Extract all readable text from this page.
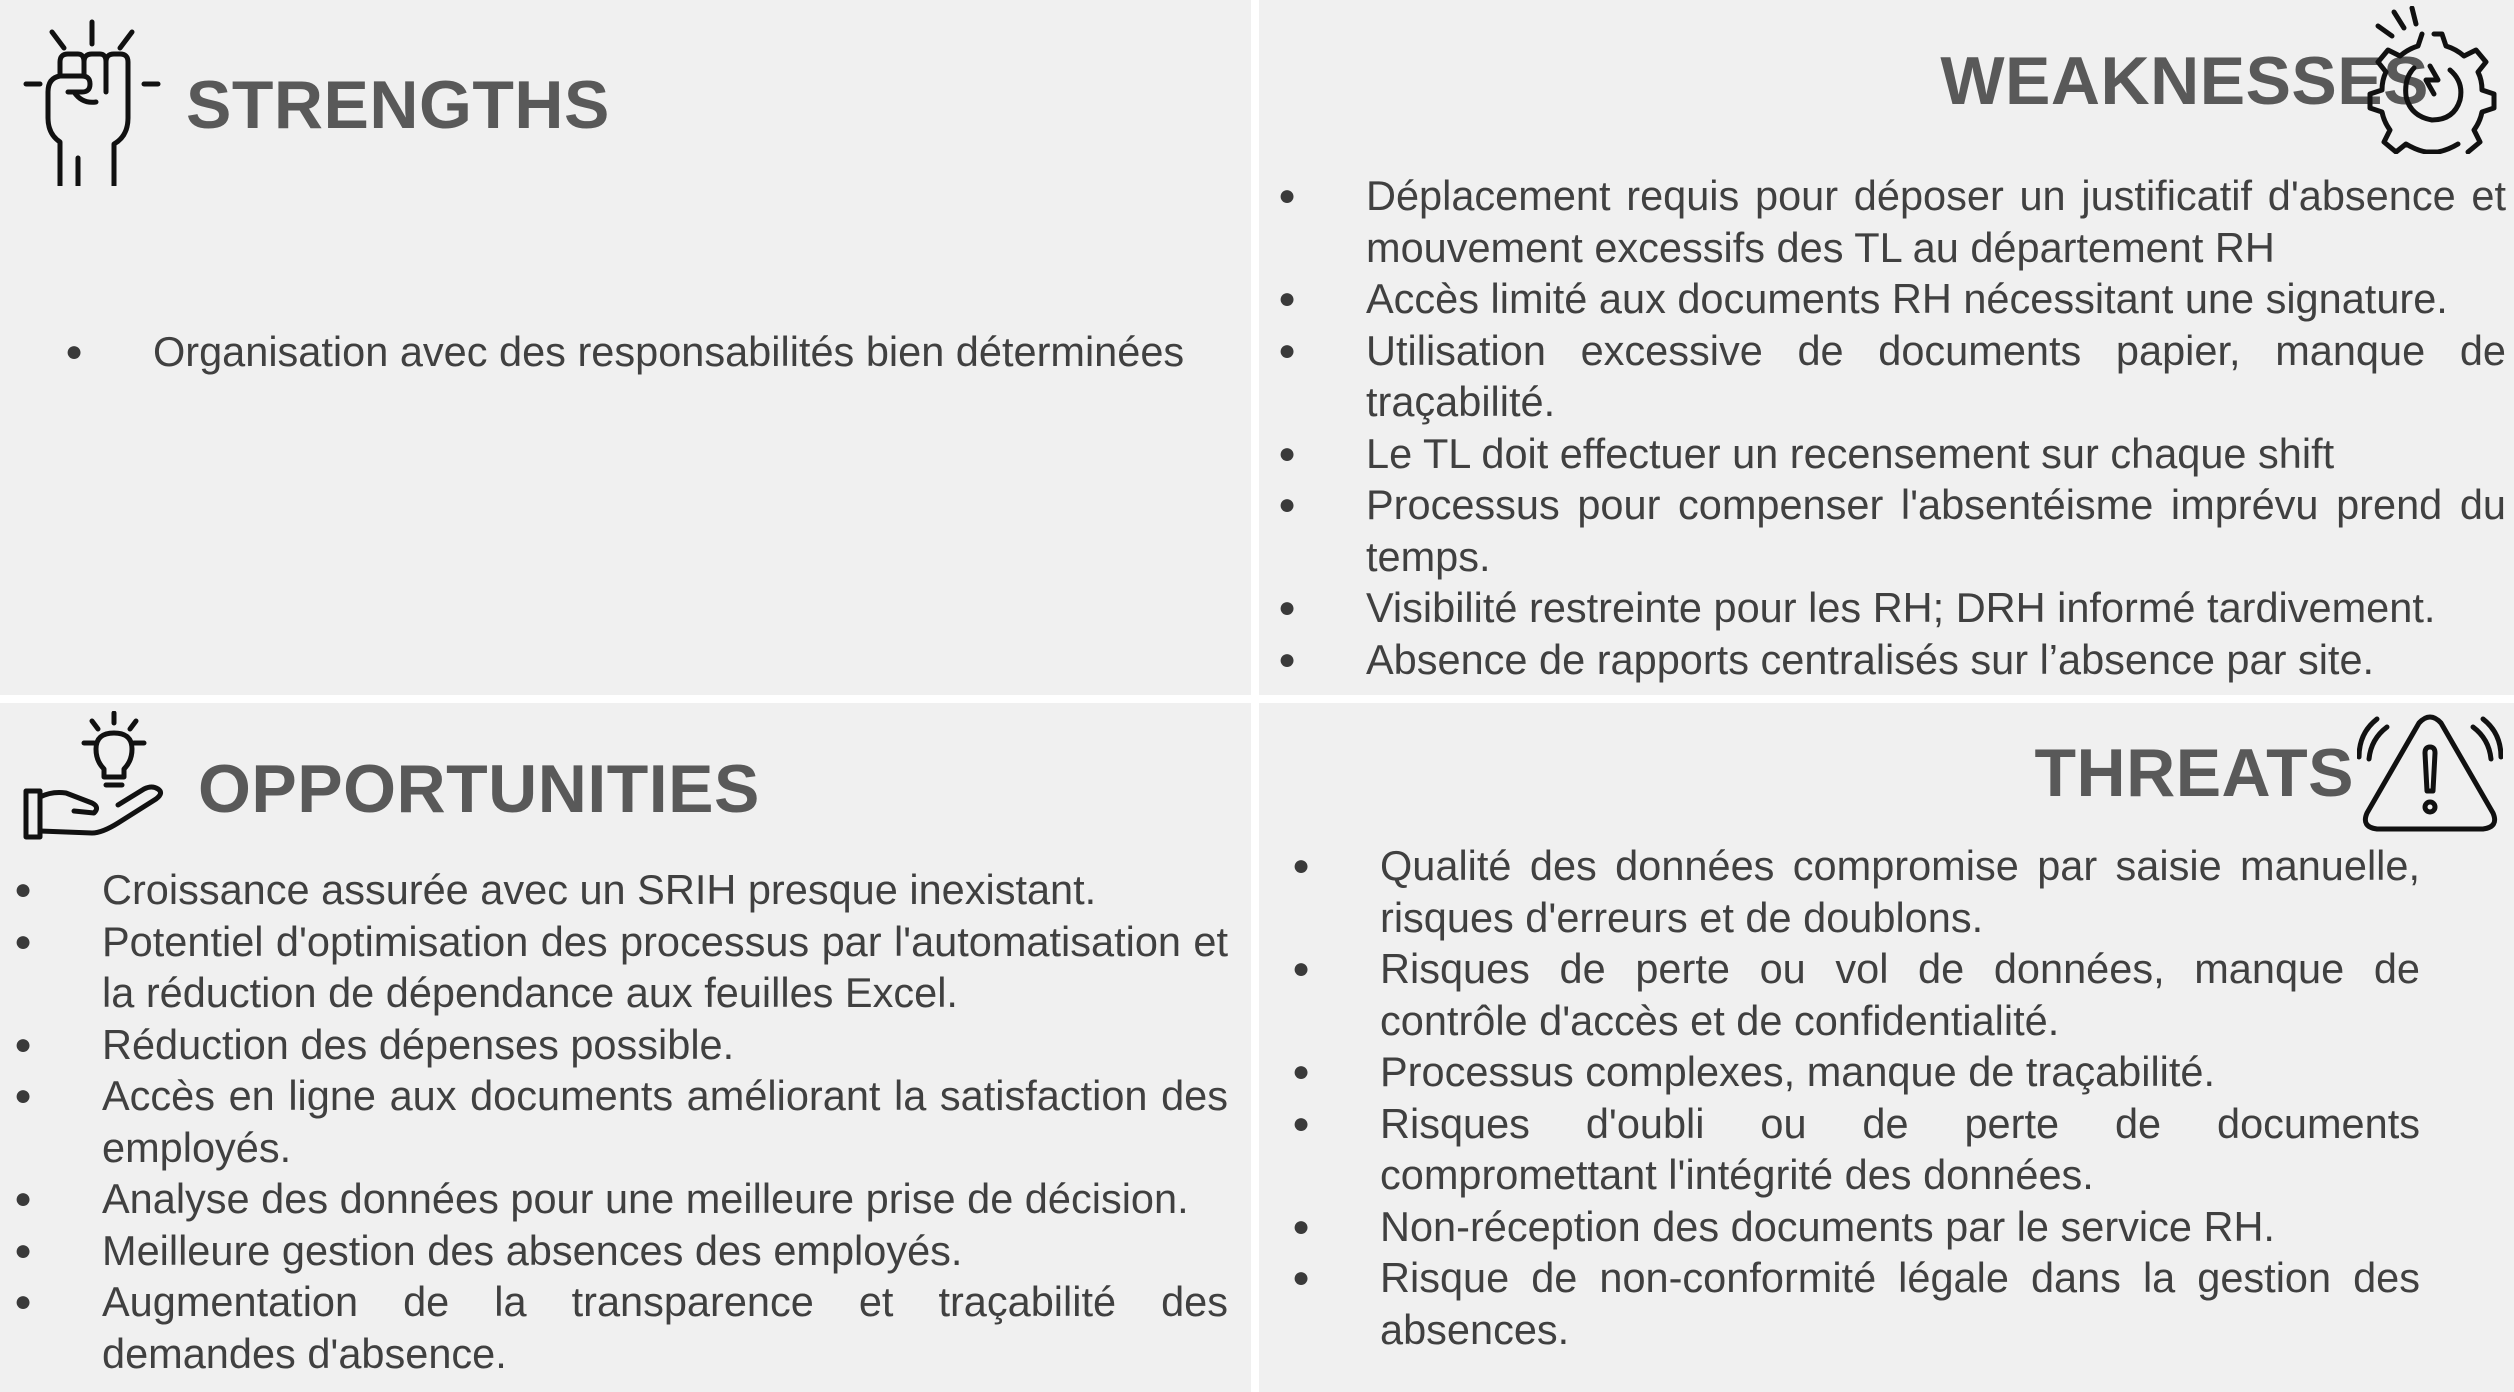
STRENGTHS
● Organisation avec des responsabilités bien déterminées
WEAKNESSES
● Déplacement requis pour déposer un justificatif d'absence et mouvement excessifs des TL au département RH
● Accès limité aux documents RH nécessitant une signature.
● Utilisation excessive de documents papier, manque de traçabilité.
● Le TL doit effectuer un recensement sur chaque shift
● Processus pour compenser l'absentéisme imprévu prend du temps.
● Visibilité restreinte pour les RH; DRH informé tardivement.
● Absence de rapports centralisés sur l’absence par site.
OPPORTUNITIES
● Croissance assurée avec un SRIH presque inexistant.
● Potentiel d'optimisation des processus par l'automatisation et la réduction de dépendance aux feuilles Excel.
● Réduction des dépenses possible.
● Accès en ligne aux documents améliorant la satisfaction des employés.
● Analyse des données pour une meilleure prise de décision.
● Meilleure gestion des absences des employés.
● Augmentation de la transparence et traçabilité des demandes d'absence.
THREATS
● Qualité des données compromise par saisie manuelle, risques d'erreurs et de doublons.
● Risques de perte ou vol de données, manque de contrôle d'accès et de confidentialité.
● Processus complexes, manque de traçabilité.
● Risques d'oubli ou de perte de documents compromettant l'intégrité des données.
● Non-réception des documents par le service RH.
● Risque de non-conformité légale dans la gestion des absences.
